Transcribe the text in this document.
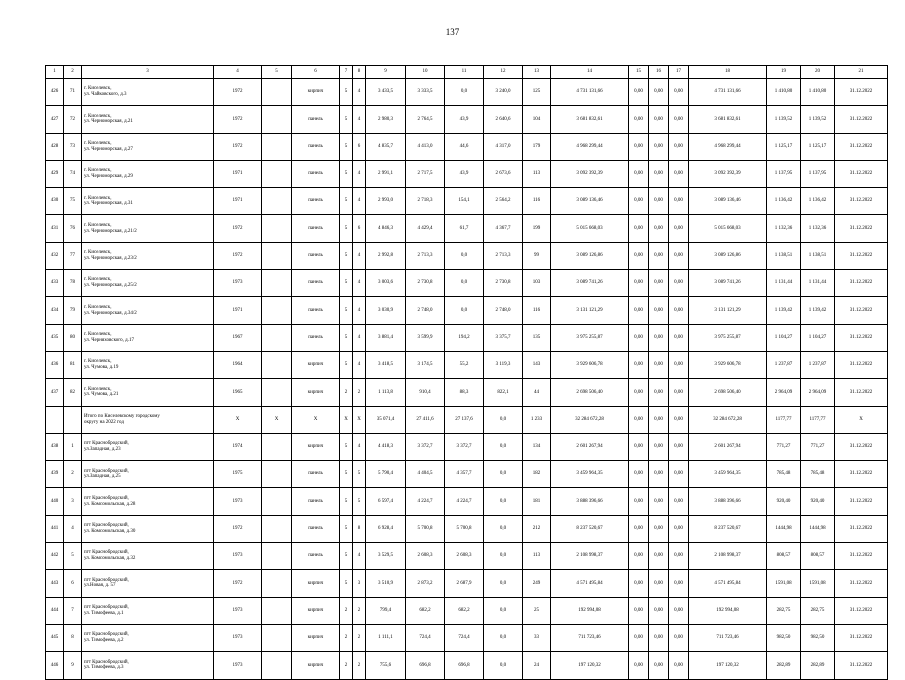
137
1	2	3	4	5	6	7	8	9	10	11	12	13	14	15	16	17	18	19	20	21
426	71	г. Киселевск,
ул. Чайковского, д.3	1972		кирпич	5	4	3 433,5	3 333,5	0,0	3 240,0	125	4 731 131,66	0,00	0,00	0,00	4 731 131,66	1 410,80	1 410,80	31.12.2022
427	72	г. Киселевск,
ул. Черноморская, д.21	1972		панель	5	4	2 980,3	2 764,5	43,9	2 640,6	104	3 681 832,61	0,00	0,00	0,00	3 681 832,61	1 139,52	1 139,52	31.12.2022
428	73	г. Киселевск,
ул. Черноморская, д.27	1972		панель	5	6	4 835,7	4 413,0	44,6	4 317,0	179	4 968 299,44	0,00	0,00	0,00	4 968 299,44	1 125,17	1 125,17	31.12.2022
429	74	г. Киселевск,
ул. Черноморская, д.29	1971		панель	5	4	2 991,1	2 717,5	43,9	2 673,6	113	3 092 392,39	0,00	0,00	0,00	3 092 392,39	1 137,95	1 137,95	31.12.2022
430	75	г. Киселевск,
ул. Черноморская, д.31	1971		панель	5	4	2 993,0	2 718,3	154,1	2 564,2	116	3 089 136,46	0,00	0,00	0,00	3 089 136,46	1 136,42	1 136,42	31.12.2022
431	76	г. Киселевск,
ул. Черноморская, д.21/2	1972		панель	5	6	4 846,3	4 429,4	61,7	4 367,7	199	5 015 668,03	0,00	0,00	0,00	5 015 668,03	1 132,36	1 132,36	31.12.2022
432	77	г. Киселевск,
ул. Черноморская, д.23/2	1972		панель	5	4	2 992,8	2 713,3	0,0	2 713,3	99	3 089 126,86	0,00	0,00	0,00	3 089 126,86	1 138,51	1 138,51	31.12.2022
433	78	г. Киселевск,
ул. Черноморская, д.25/2	1973		панель	5	4	3 003,6	2 730,8	0,0	2 730,8	103	3 089 741,26	0,00	0,00	0,00	3 089 741,26	1 131,44	1 131,44	31.12.2022
434	79	г. Киселевск,
ул. Черноморская, д.34/2	1971		панель	5	4	3 030,9	2 748,0	0,0	2 748,0	116	3 131 121,29	0,00	0,00	0,00	3 131 121,29	1 139,42	1 139,42	31.12.2022
435	80	г. Киселевск,
ул. Черняховского, д.17	1967		панель	5	4	3 881,4	3 599,9	194,2	3 375,7	135	3 975 255,87	0,00	0,00	0,00	3 975 255,87	1 104,27	1 104,27	31.12.2022
436	81	г. Киселевск,
ул. Чумова, д.19	1964		кирпич	5	4	3 418,5	3 174,5	55,2	3 119,3	143	3 929 606,78	0,00	0,00	0,00	3 929 606,78	1 237,87	1 237,87	31.12.2022
437	82	г. Киселевск,
ул. Чумова, д.21	1965		кирпич	2	2	1 113,8	910,4	88,3	822,1	44	2 698 506,40	0,00	0,00	0,00	2 698 506,40	2 964,09	2 964,09	31.12.2022
		Итого по Киселевскому городскому
округу на 2022 год	X	X	X	X	X	35 071,4	27 411,6	27 137,6	0,0	1 233	32 284 672,28	0,00	0,00	0,00	32 284 672,28	1177,77	1177,77	X
438	1	пгт Краснобродский,
ул.Западная, д.23	1974		кирпич	5	4	4 418,3	3 372,7	3 372,7	0,0	134	2 601 267,94	0,00	0,00	0,00	2 601 267,94	771,27	771,27	31.12.2022
439	2	пгт Краснобродский,
ул.Западная, д.25	1975		панель	5	5	5 790,4	4 404,5	4 357,7	0,0	182	3 459 964,35	0,00	0,00	0,00	3 459 964,35	785,48	785,48	31.12.2022
440	3	пгт Краснобродский,
ул. Комсомольская, д.28	1973		панель	5	5	6 597,4	4 224,7	4 224,7	0,0	181	3 888 396,66	0,00	0,00	0,00	3 888 396,66	920,40	920,40	31.12.2022
441	4	пгт Краснобродский,
ул. Комсомольская, д.30	1972		панель	5	8	6 928,4	5 700,8	5 700,8	0,0	212	8 237 520,67	0,00	0,00	0,00	8 237 520,67	1444,98	1444,98	31.12.2022
442	5	пгт Краснобродский,
ул. Комсомольская, д.32	1973		панель	5	4	3 529,5	2 608,3	2 608,3	0,0	113	2 108 998,37	0,00	0,00	0,00	2 108 998,37	808,57	808,57	31.12.2022
443	6	пгт Краснобродский,
ул.Новая, д. 57	1972		кирпич	5	3	3 510,9	2 873,2	2 687,9	0,0	249	4 571 495,84	0,00	0,00	0,00	4 571 495,84	1591,08	1591,08	31.12.2022
444	7	пгт Краснобродский,
ул. Тимофеева, д.1	1973		кирпич	2	2	799,4	682,2	682,2	0,0	25	192 994,08	0,00	0,00	0,00	192 994,08	282,75	282,75	31.12.2022
445	8	пгт Краснобродский,
ул. Тимофеева, д.2	1973		кирпич	2	2	1 111,1	724,4	724,4	0,0	33	711 723,46	0,00	0,00	0,00	711 723,46	982,50	982,50	31.12.2022
446	9	пгт Краснобродский,
ул. Тимофеева, д.3	1973		кирпич	2	2	755,6	696,8	696,8	0,0	24	197 120,32	0,00	0,00	0,00	197 120,32	282,89	282,89	31.12.2022
